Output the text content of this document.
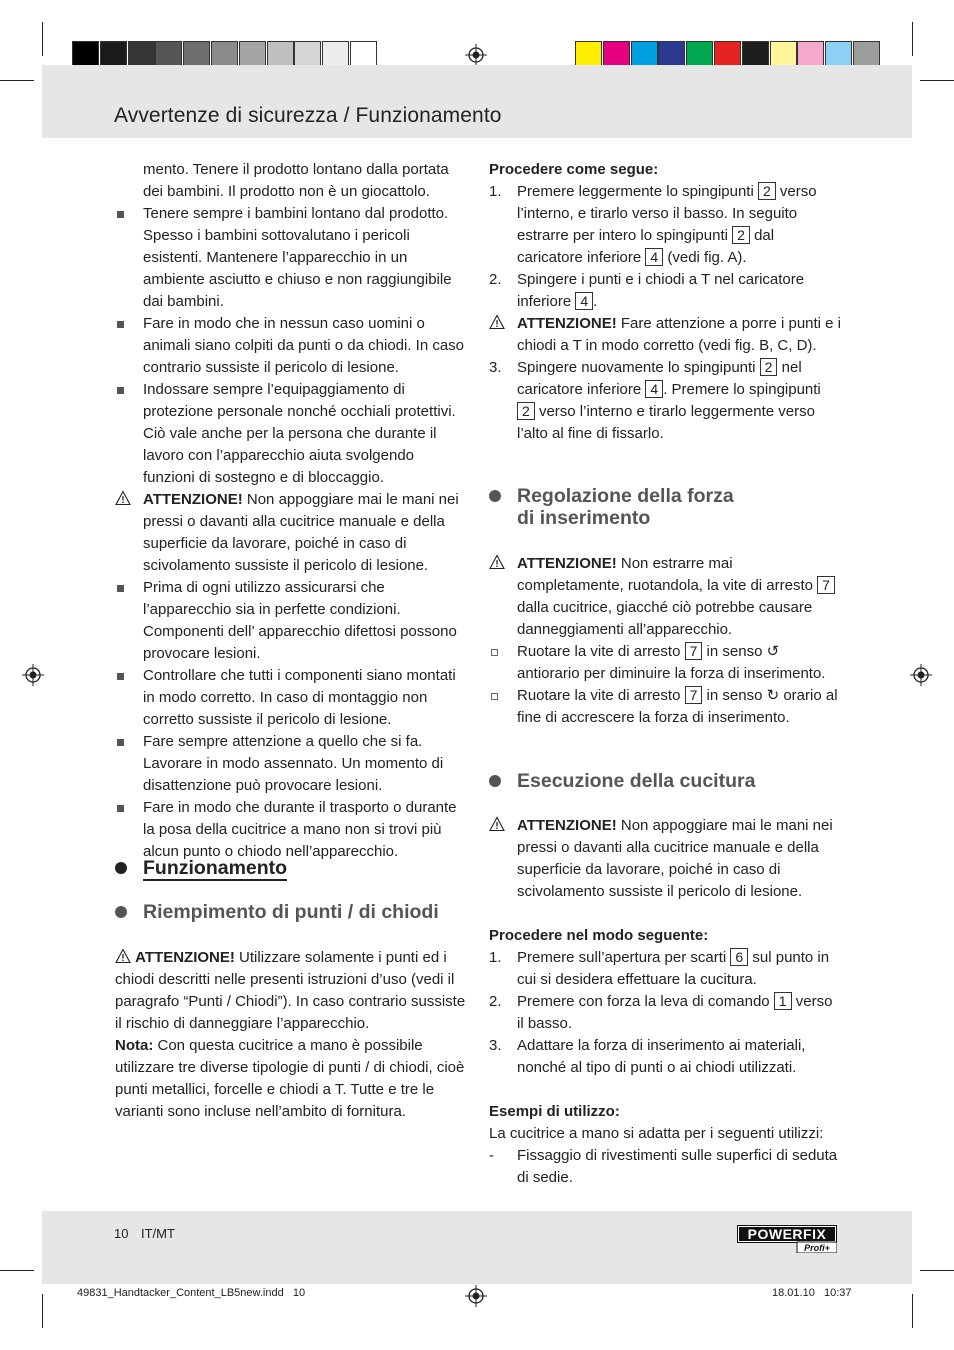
Avvertenze di sicurezza / Funzionamento

mento. Tenere il prodotto lontano dalla portata dei bambini. Il prodotto non è un giocattolo.

Tenere sempre i bambini lontano dal prodotto. Spesso i bambini sottovalutano i pericoli esistenti. Mantenere l’apparecchio in un ambiente asciutto e chiuso e non raggiungibile dai bambini.
Fare in modo che in nessun caso uomini o animali siano colpiti da punti o da chiodi. In caso contrario sussiste il pericolo di lesione.
Indossare sempre l’equipaggiamento di protezione personale nonché occhiali protettivi. Ciò vale anche per la persona che durante il lavoro con l’apparecchio aiuta svolgendo funzioni di sostegno e di bloccaggio.
ATTENZIONE! Non appoggiare mai le mani nei pressi o davanti alla cucitrice manuale e della superficie da lavorare, poiché in caso di scivolamento sussiste il pericolo di lesione.
Prima di ogni utilizzo assicurarsi che l’apparecchio sia in perfette condizioni. Componenti dell’ apparecchio difettosi possono provocare lesioni.
Controllare che tutti i componenti siano montati in modo corretto. In caso di montaggio non corretto sussiste il pericolo di lesione.
Fare sempre attenzione a quello che si fa. Lavorare in modo assennato. Un momento di disattenzione può provocare lesioni.
Fare in modo che durante il trasporto o durante la posa della cucitrice a mano non si trovi più alcun punto o chiodo nell’apparecchio.
Funzionamento
Riempimento di punti / di chiodi

ATTENZIONE! Utilizzare solamente i punti ed i chiodi descritti nelle presenti istruzioni d’uso (vedi il paragrafo “Punti / Chiodi”). In caso contrario sussiste il rischio di danneggiare l’apparecchio.

Nota: Con questa cucitrice a mano è possibile utilizzare tre diverse tipologie di punti / di chiodi, cioè punti metallici, forcelle e chiodi a T. Tutte e tre le varianti sono incluse nell’ambito di fornitura.

Procedere come segue:

1.	Premere leggermente lo spingipunti 2 verso l’interno, e tirarlo verso il basso. In seguito estrarre per intero lo spingipunti 2 dal caricatore inferiore 4 (vedi fig. A).
2.	Spingere i punti e i chiodi a T nel caricatore inferiore 4 .
ATTENZIONE! Fare attenzione a porre i punti e i chiodi a T in modo corretto (vedi fig. B, C, D).
3.	Spingere nuovamente lo spingipunti 2 nel caricatore inferiore 4 . Premere lo spingipunti 2 verso l’interno e tirarlo leggermente verso l’alto al fine di fissarlo.
Regolazione della forza di inserimento
ATTENZIONE! Non estrarre mai completamente, ruotandola, la vite di arresto 7 dalla cucitrice, giacché ciò potrebbe causare danneggiamenti all’apparecchio.
Ruotare la vite di arresto 7 in senso ↺ antiorario per diminuire la forza di inserimento.
Ruotare la vite di arresto 7 in senso ↻ orario al fine di accrescere la forza di inserimento.
Esecuzione della cucitura
ATTENZIONE! Non appoggiare mai le mani nei pressi o davanti alla cucitrice manuale e della superficie da lavorare, poiché in caso di scivolamento sussiste il pericolo di lesione.

Procedere nel modo seguente:

1.	Premere sull’apertura per scarti 6 sul punto in cui si desidera effettuare la cucitura.
2.	Premere con forza la leva di comando 1 verso il basso.
3.	Adattare la forza di inserimento ai materiali, nonché al tipo di punti o ai chiodi utilizzati.

Esempi di utilizzo:

La cucitrice a mano si adatta per i seguenti utilizzi:

-	Fissaggio di rivestimenti sulle superfici di seduta di sedie.
10 IT/MT	POWERFIX
Profi+
49831_Handtacker_Content_LB5new.indd   10	18.01.10   10:37
